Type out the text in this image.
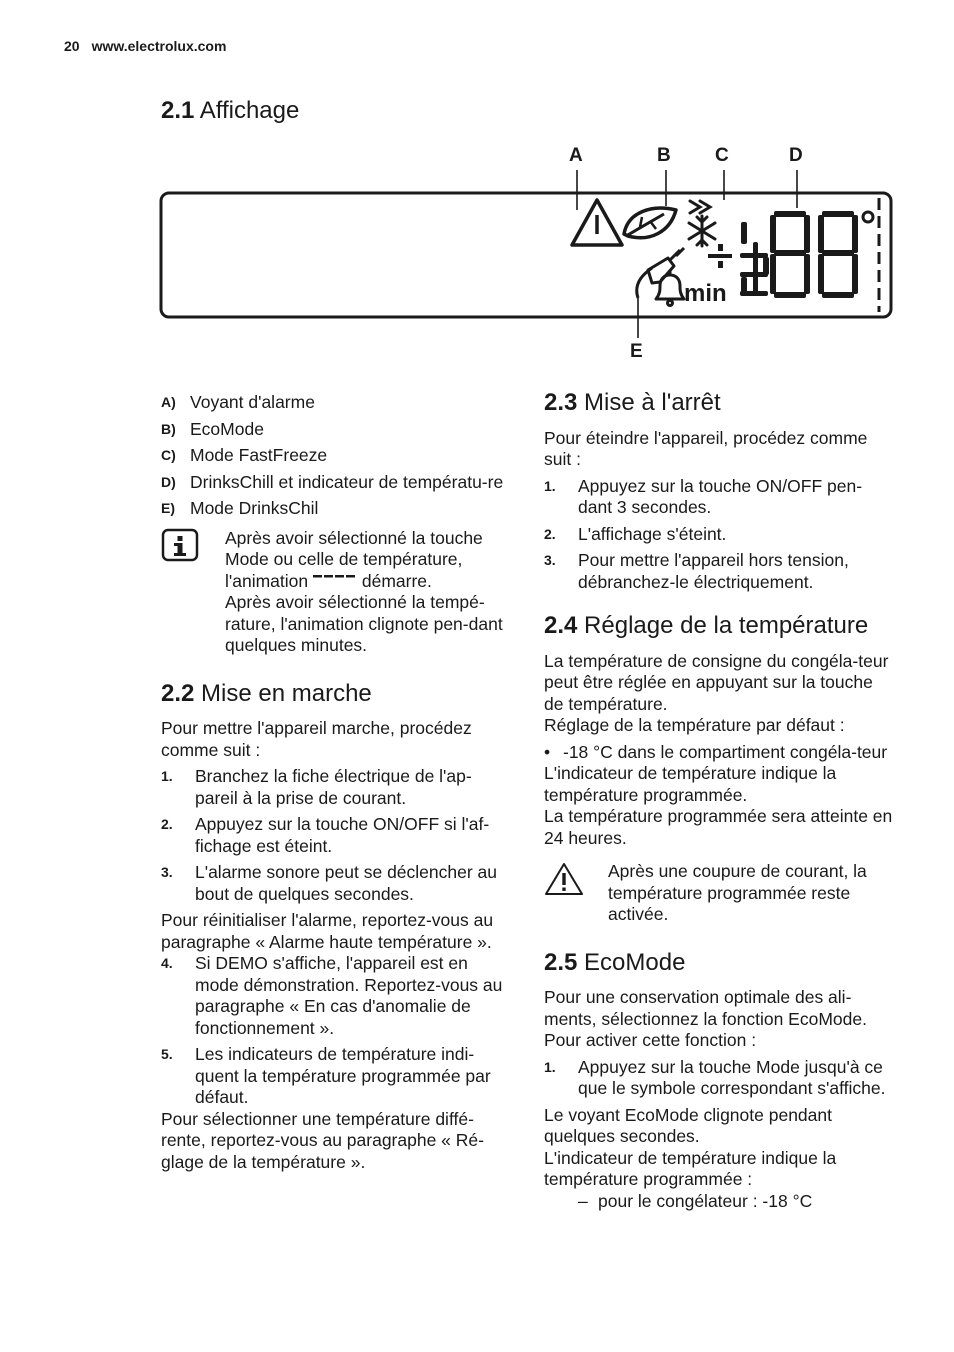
20 www.electrolux.com
2.1 Affichage
A	B C	D
E
min
A) Voyant d'alarme
B) EcoMode
C) Mode FastFreeze
D) DrinksChill et indicateur de températu-re
E) Mode DrinksChil

Après avoir sélectionné la touche Mode ou celle de température,

l'animation	démarre.

Après avoir sélectionné la tempé-rature, l'animation clignote pen-dant quelques minutes.

2.2 Mise en marche

Pour mettre l'appareil marche, procédez comme suit :

1.	Branchez la fiche électrique de l'ap-pareil à la prise de courant.
2.	Appuyez sur la touche ON/OFF si l'af-fichage est éteint.
3.	L'alarme sonore peut se déclencher au bout de quelques secondes.

Pour réinitialiser l'alarme, reportez-vous au paragraphe « Alarme haute température ».

4.	Si DEMO s'affiche, l'appareil est en mode démonstration. Reportez-vous au paragraphe « En cas d'anomalie de fonctionnement ».
5.	Les indicateurs de température indi-quent la température programmée par défaut.

Pour sélectionner une température diffé-rente, reportez-vous au paragraphe « Ré-glage de la température ».

2.3 Mise à l'arrêt

Pour éteindre l'appareil, procédez comme suit :

1.	Appuyez sur la touche ON/OFF pen-dant 3 secondes.
2.	L'affichage s'éteint.
3.	Pour mettre l'appareil hors tension, débranchez-le électriquement.
2.4 Réglage de la température

La température de consigne du congéla-teur peut être réglée en appuyant sur la touche de température.

Réglage de la température par défaut :

• -18 °C dans le compartiment congéla-teur

L'indicateur de température indique la température programmée.

La température programmée sera atteinte en 24 heures.

Après une coupure de courant, la température programmée reste activée.

2.5 EcoMode

Pour une conservation optimale des ali-ments, sélectionnez la fonction EcoMode. Pour activer cette fonction :

1.	Appuyez sur la touche Mode jusqu'à ce que le symbole correspondant s'affiche.

Le voyant EcoMode clignote pendant quelques secondes.

L'indicateur de température indique la température programmée :

– pour le congélateur : -18 °C
